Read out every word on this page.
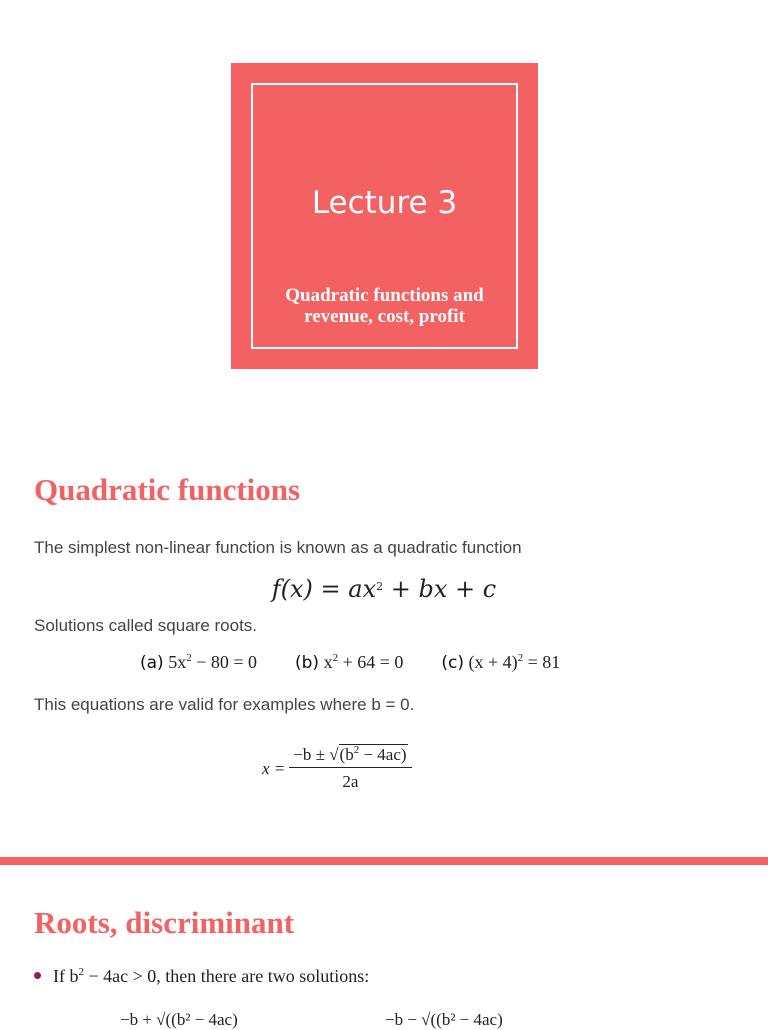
Lecture 3
Quadratic functions and
revenue, cost, profit
Quadratic functions
The simplest non-linear function is known as a quadratic function
$f(x) = ax^2$ + bx + c
Solutions called square roots.
(a) $5x^2 - 80 = 0$ (b) $x^2 + 64 = 0$ (c) $(x + 4)^2 = 81$
This equations are valid for examples where b = 0.
$x = \frac{-b \pm √(b^2 - 4ac)}{2a}$
Roots, discriminant
If $b^2 - 4ac > 0$, then there are two solutions:
−b + √((b² − 4ac)	−b − √((b² − 4ac)
